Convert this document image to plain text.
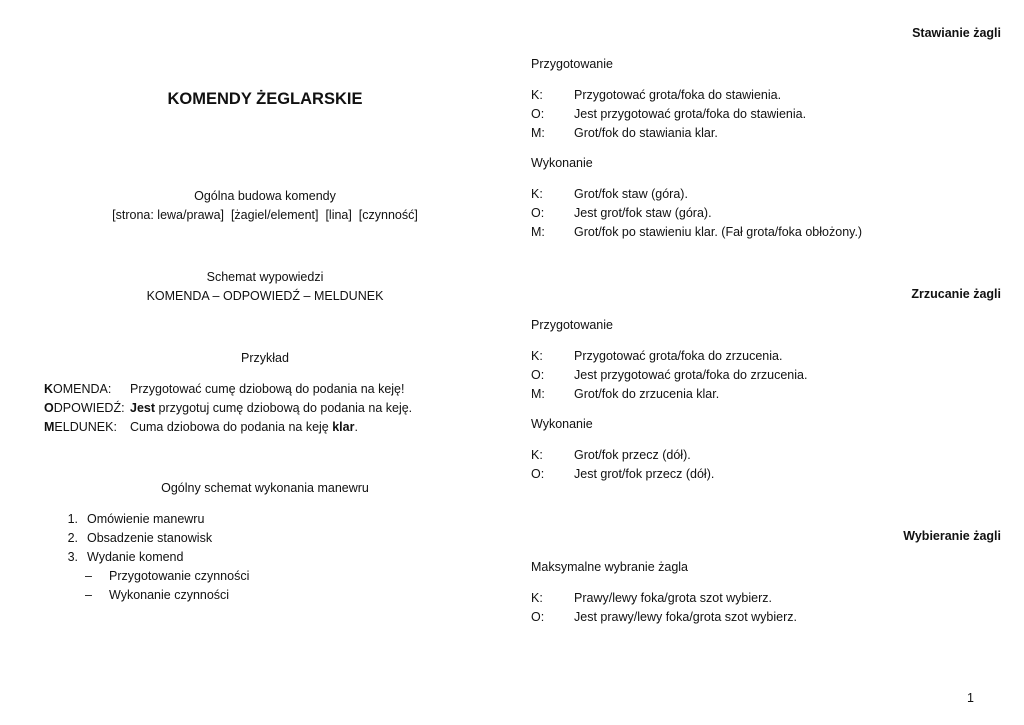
KOMENDY ŻEGLARSKIE
Ogólna budowa komendy
[strona: lewa/prawa]  [żagiel/element]  [lina]  [czynność]
Schemat wypowiedzi
KOMENDA – ODPOWIEDŹ – MELDUNEK
Przykład
KOMENDA:	Przygotować cumę dziobową do podania na keję!
ODPOWIEDŹ: Jest przygotuj cumę dziobową do podania na keję.
MELDUNEK:	Cuma dziobowa do podania na keję klar.
Ogólny schemat wykonania manewru
1. Omówienie manewru
2. Obsadzenie stanowisk
3. Wydanie komend
– Przygotowanie czynności
– Wykonanie czynności
Stawianie żagli
Przygotowanie
K:	Przygotować grota/foka do stawienia.
O:	Jest przygotować grota/foka do stawienia.
M:	Grot/fok do stawiania klar.
Wykonanie
K:	Grot/fok staw (góra).
O:	Jest grot/fok staw (góra).
M:	Grot/fok po stawieniu klar. (Fał grota/foka obłożony.)
Zrzucanie żagli
Przygotowanie
K:	Przygotować grota/foka do zrzucenia.
O:	Jest przygotować grota/foka do zrzucenia.
M:	Grot/fok do zrzucenia klar.
Wykonanie
K:	Grot/fok przecz (dół).
O:	Jest grot/fok przecz (dół).
Wybieranie żagli
Maksymalne wybranie żagla
K:	Prawy/lewy foka/grota szot wybierz.
O:	Jest prawy/lewy foka/grota szot wybierz.
1
